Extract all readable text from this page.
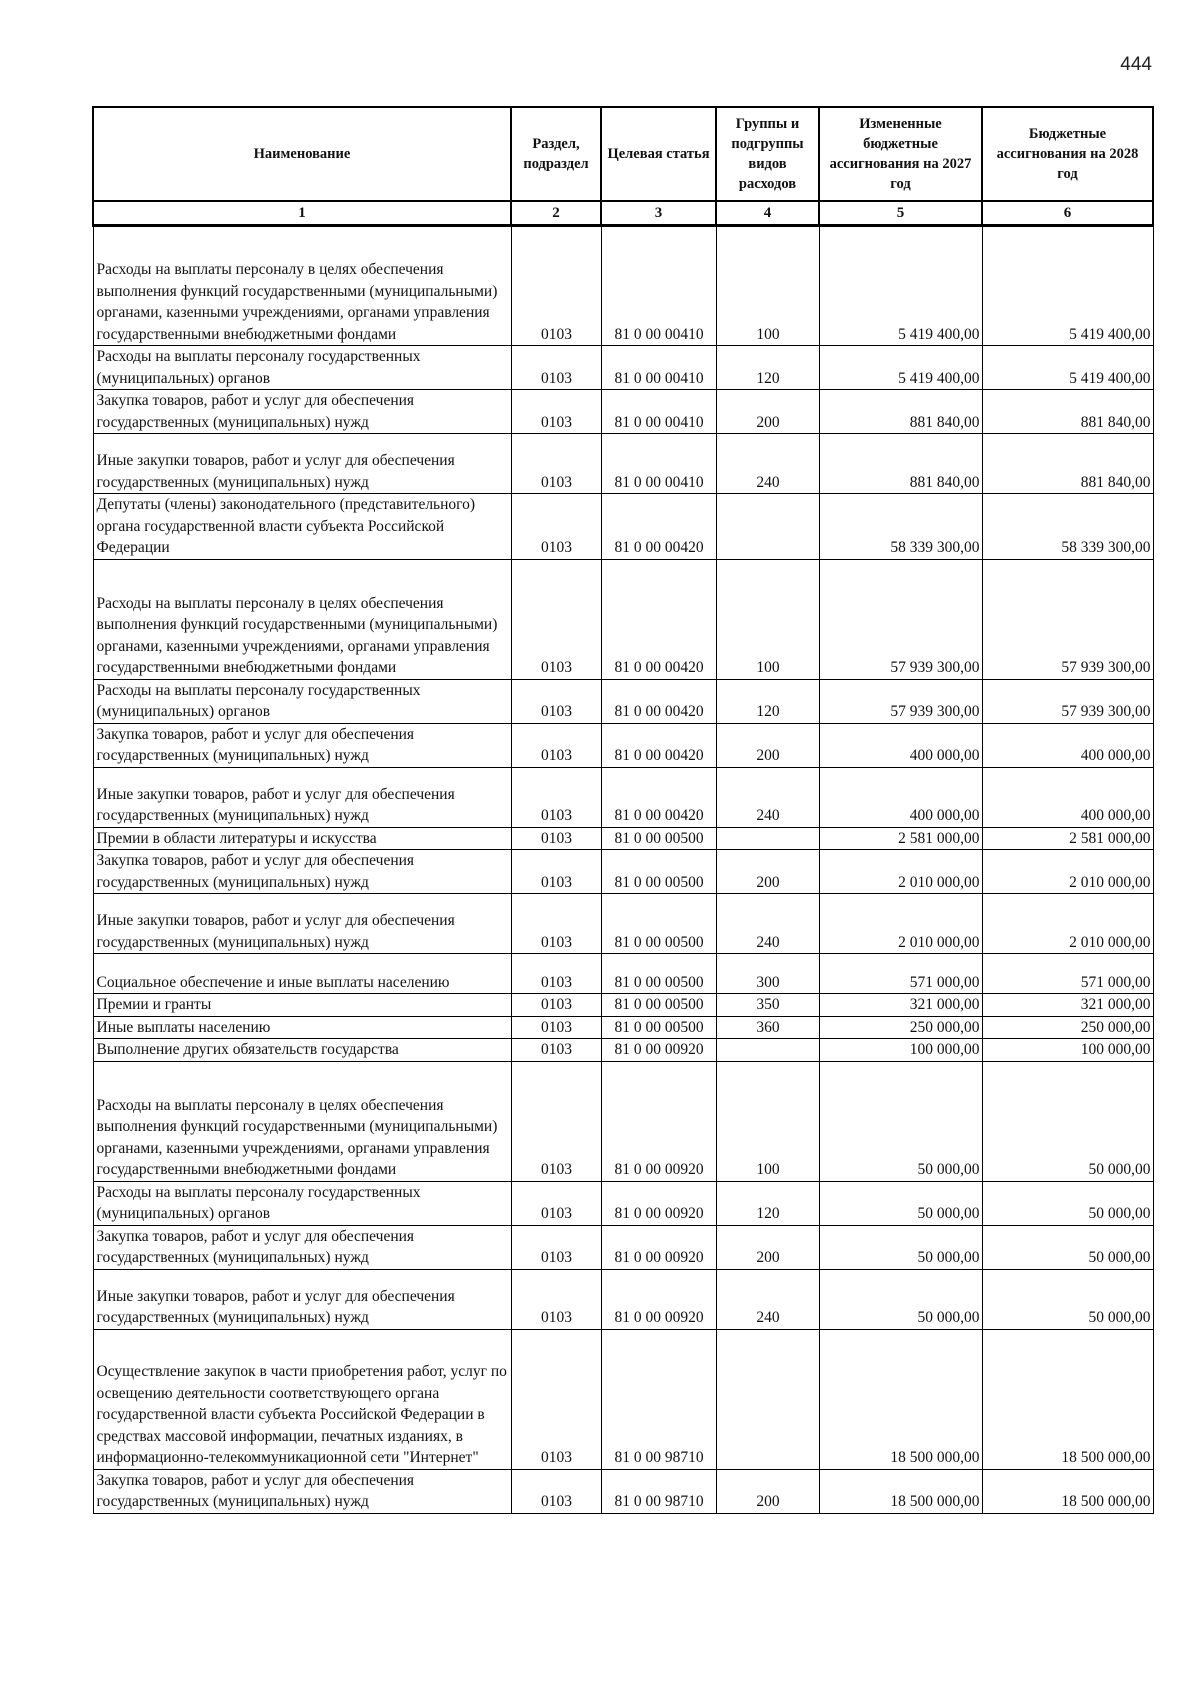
444
Наименование	Раздел, подраздел	Целевая статья	Группы и подгруппы видов расходов	Измененные бюджетные ассигнования на 2027 год	Бюджетные ассигнования на 2028 год
1	2	3	4	5	6
Расходы на выплаты персоналу в целях обеспечения выполнения функций государственными (муниципальными) органами, казенными учреждениями, органами управления государственными внебюджетными фондами	0103	81 0 00 00410	100	5 419 400,00	5 419 400,00
Расходы на выплаты персоналу государственных (муниципальных) органов	0103	81 0 00 00410	120	5 419 400,00	5 419 400,00
Закупка товаров, работ и услуг для обеспечения государственных (муниципальных) нужд	0103	81 0 00 00410	200	881 840,00	881 840,00
Иные закупки товаров, работ и услуг для обеспечения государственных (муниципальных) нужд	0103	81 0 00 00410	240	881 840,00	881 840,00
Депутаты (члены) законодательного (представительного) органа государственной власти субъекта Российской Федерации	0103	81 0 00 00420		58 339 300,00	58 339 300,00
Расходы на выплаты персоналу в целях обеспечения выполнения функций государственными (муниципальными) органами, казенными учреждениями, органами управления государственными внебюджетными фондами	0103	81 0 00 00420	100	57 939 300,00	57 939 300,00
Расходы на выплаты персоналу государственных (муниципальных) органов	0103	81 0 00 00420	120	57 939 300,00	57 939 300,00
Закупка товаров, работ и услуг для обеспечения государственных (муниципальных) нужд	0103	81 0 00 00420	200	400 000,00	400 000,00
Иные закупки товаров, работ и услуг для обеспечения государственных (муниципальных) нужд	0103	81 0 00 00420	240	400 000,00	400 000,00
Премии в области литературы и искусства	0103	81 0 00 00500		2 581 000,00	2 581 000,00
Закупка товаров, работ и услуг для обеспечения государственных (муниципальных) нужд	0103	81 0 00 00500	200	2 010 000,00	2 010 000,00
Иные закупки товаров, работ и услуг для обеспечения государственных (муниципальных) нужд	0103	81 0 00 00500	240	2 010 000,00	2 010 000,00
Социальное обеспечение и иные выплаты населению	0103	81 0 00 00500	300	571 000,00	571 000,00
Премии и гранты	0103	81 0 00 00500	350	321 000,00	321 000,00
Иные выплаты населению	0103	81 0 00 00500	360	250 000,00	250 000,00
Выполнение других обязательств государства	0103	81 0 00 00920		100 000,00	100 000,00
Расходы на выплаты персоналу в целях обеспечения выполнения функций государственными (муниципальными) органами, казенными учреждениями, органами управления государственными внебюджетными фондами	0103	81 0 00 00920	100	50 000,00	50 000,00
Расходы на выплаты персоналу государственных (муниципальных) органов	0103	81 0 00 00920	120	50 000,00	50 000,00
Закупка товаров, работ и услуг для обеспечения государственных (муниципальных) нужд	0103	81 0 00 00920	200	50 000,00	50 000,00
Иные закупки товаров, работ и услуг для обеспечения государственных (муниципальных) нужд	0103	81 0 00 00920	240	50 000,00	50 000,00
Осуществление закупок в части приобретения работ, услуг по освещению деятельности соответствующего органа государственной власти субъекта Российской Федерации в средствах массовой информации, печатных изданиях, в информационно-телекоммуникационной сети "Интернет"	0103	81 0 00 98710		18 500 000,00	18 500 000,00
Закупка товаров, работ и услуг для обеспечения государственных (муниципальных) нужд	0103	81 0 00 98710	200	18 500 000,00	18 500 000,00
